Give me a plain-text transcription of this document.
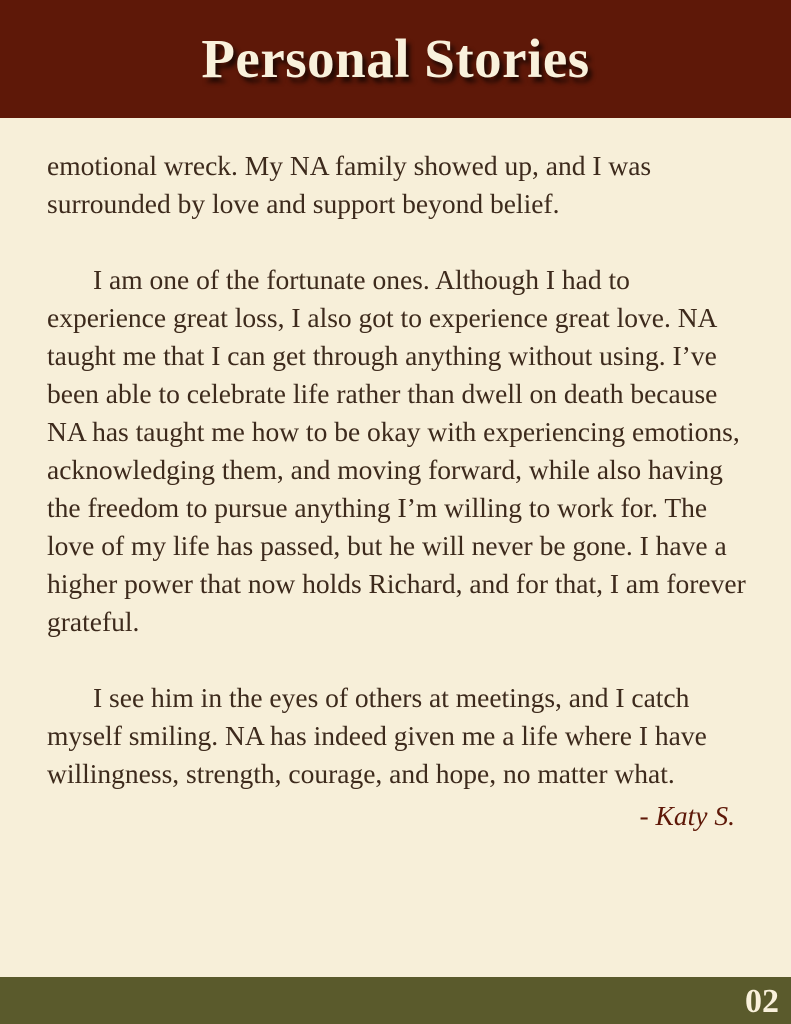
Personal Stories

emotional wreck. My NA family showed up, and I was surrounded by love and support beyond belief.

I am one of the fortunate ones. Although I had to experience great loss, I also got to experience great love. NA taught me that I can get through anything without using. I’ve been able to celebrate life rather than dwell on death because NA has taught me how to be okay with experiencing emotions, acknowledging them, and moving forward, while also having the freedom to pursue anything I’m willing to work for. The love of my life has passed, but he will never be gone. I have a higher power that now holds Richard, and for that, I am forever grateful.

I see him in the eyes of others at meetings, and I catch myself smiling. NA has indeed given me a life where I have willingness, strength, courage, and hope, no matter what.

- Katy S.

02
